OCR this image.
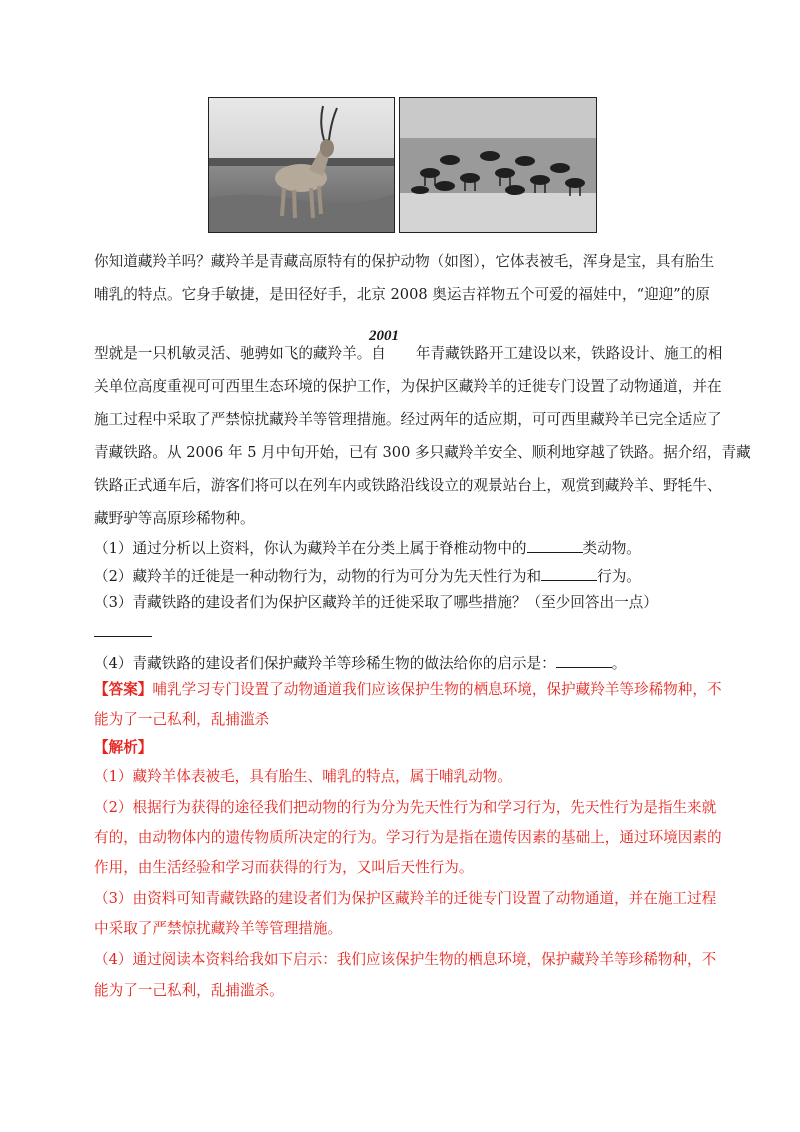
你知道藏羚羊吗？藏羚羊是青藏高原特有的保护动物（如图），它体表被毛，浑身是宝，具有胎生
哺乳的特点。它身手敏捷，是田径好手，北京 2008 奥运吉祥物五个可爱的福娃中，“迎迎”的原
型就是一只机敏灵活、驰骋如飞的藏羚羊。自 年青藏铁路开工建设以来，铁路设计、施工的相
2001
关单位高度重视可可西里生态环境的保护工作，为保护区藏羚羊的迁徙专门设置了动物通道，并在
施工过程中采取了严禁惊扰藏羚羊等管理措施。经过两年的适应期，可可西里藏羚羊已完全适应了
青藏铁路。从 2006 年 5 月中旬开始，已有 300 多只藏羚羊安全、顺利地穿越了铁路。据介绍，青藏
铁路正式通车后，游客们将可以在列车内或铁路沿线设立的观景站台上，观赏到藏羚羊、野牦牛、
藏野驴等高原珍稀物种。
（1）通过分析以上资料，你认为藏羚羊在分类上属于脊椎动物中的	类动物。
（2）藏羚羊的迁徙是一种动物行为，动物的行为可分为先天性行为和	行为。
（3）青藏铁路的建设者们为保护区藏羚羊的迁徙采取了哪些措施？（至少回答出一点）
（4）青藏铁路的建设者们保护藏羚羊等珍稀生物的做法给你的启示是：	。
【答案】哺乳学习专门设置了动物通道我们应该保护生物的栖息环境，保护藏羚羊等珍稀物种，不
能为了一己私利，乱捕滥杀
【解析】
（1）藏羚羊体表被毛，具有胎生、哺乳的特点，属于哺乳动物。
（2）根据行为获得的途径我们把动物的行为分为先天性行为和学习行为，先天性行为是指生来就
有的，由动物体内的遗传物质所决定的行为。学习行为是指在遗传因素的基础上，通过环境因素的
作用，由生活经验和学习而获得的行为，又叫后天性行为。
（3）由资料可知青藏铁路的建设者们为保护区藏羚羊的迁徙专门设置了动物通道，并在施工过程
中采取了严禁惊扰藏羚羊等管理措施。
（4）通过阅读本资料给我如下启示：我们应该保护生物的栖息环境，保护藏羚羊等珍稀物种，不
能为了一己私利，乱捕滥杀。
